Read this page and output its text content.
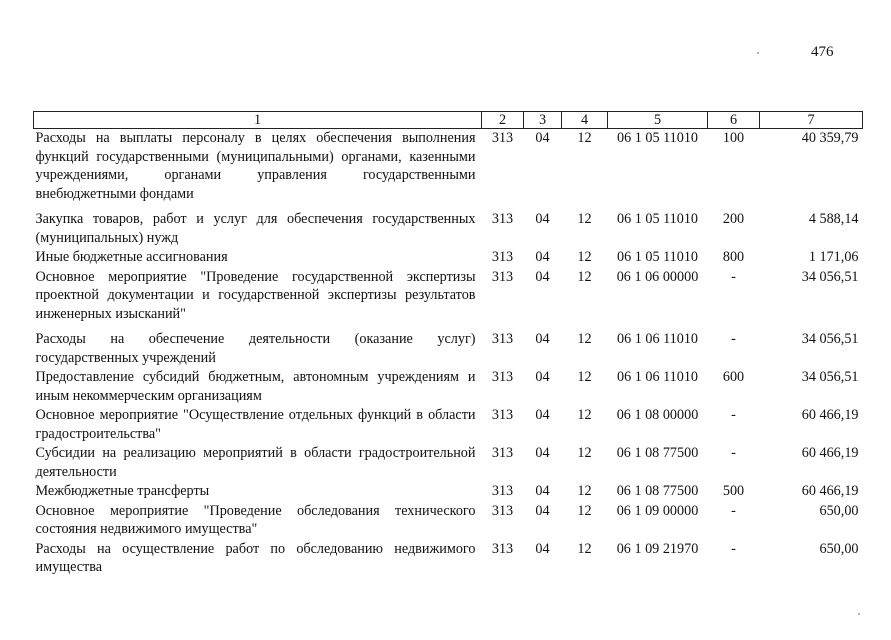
476
1	2	3	4	5	6	7
Расходы на выплаты персоналу в целях обеспечения выполнения функций государственными (муниципальными) органами, казенными учреждениями, органами управления государственными внебюджетными фондами	313	04	12	06 1 05 11010	100	40 359,79
Закупка товаров, работ и услуг для обеспечения государственных (муниципальных) нужд	313	04	12	06 1 05 11010	200	4 588,14
Иные бюджетные ассигнования	313	04	12	06 1 05 11010	800	1 171,06
Основное мероприятие "Проведение государственной экспертизы проектной документации и государственной экспертизы результатов инженерных изысканий"	313	04	12	06 1 06 00000	-	34 056,51
Расходы на обеспечение деятельности (оказание услуг) государственных учреждений	313	04	12	06 1 06 11010	-	34 056,51
Предоставление субсидий бюджетным, автономным учреждениям и иным некоммерческим организациям	313	04	12	06 1 06 11010	600	34 056,51
Основное мероприятие "Осуществление отдельных функций в области градостроительства"	313	04	12	06 1 08 00000	-	60 466,19
Субсидии на реализацию мероприятий в области градостроительной деятельности	313	04	12	06 1 08 77500	-	60 466,19
Межбюджетные трансферты	313	04	12	06 1 08 77500	500	60 466,19
Основное мероприятие "Проведение обследования технического состояния недвижимого имущества"	313	04	12	06 1 09 00000	-	650,00
Расходы на осуществление работ по обследованию недвижимого имущества	313	04	12	06 1 09 21970	-	650,00
